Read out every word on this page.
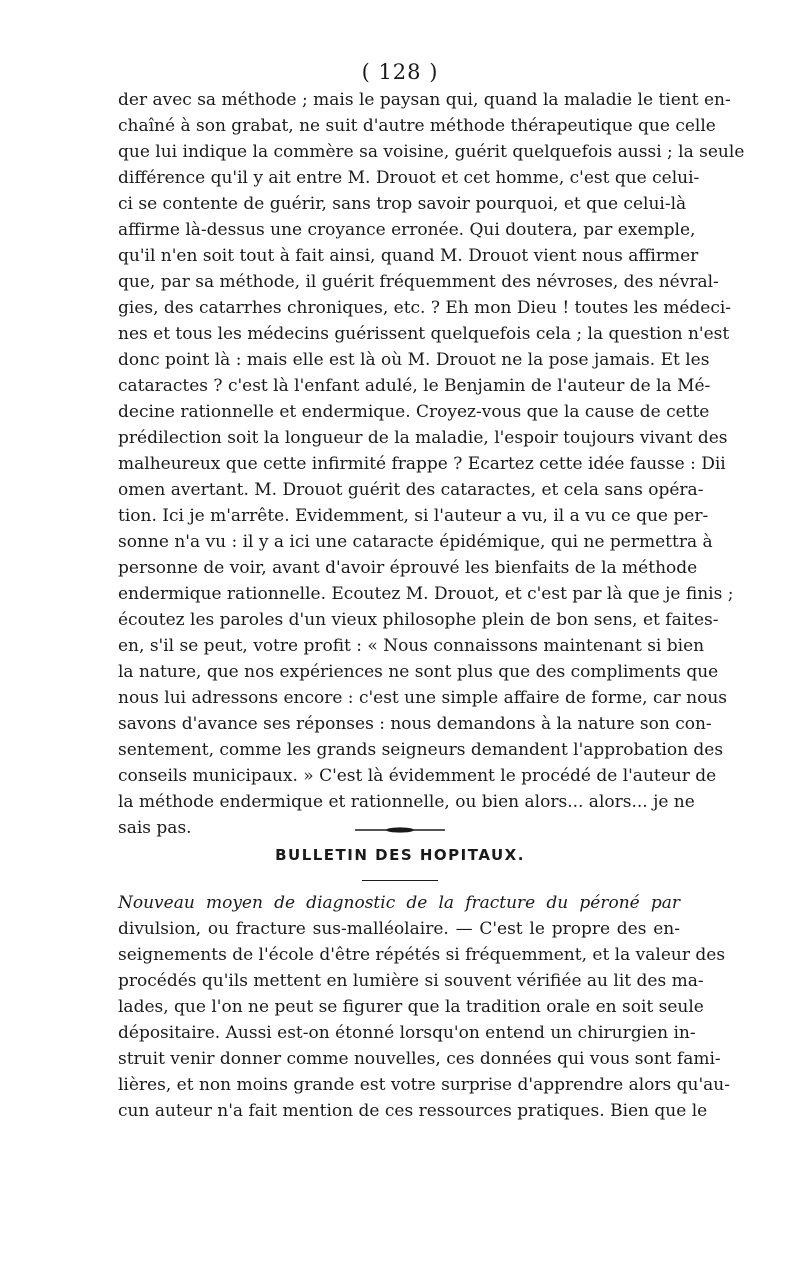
( 128 )
der avec sa méthode ; mais le paysan qui, quand la maladie le tient en-
chaîné à son grabat, ne suit d'autre méthode thérapeutique que celle
que lui indique la commère sa voisine, guérit quelquefois aussi ; la seule
différence qu'il y ait entre M. Drouot et cet homme, c'est que celui-
ci se contente de guérir, sans trop savoir pourquoi, et que celui-là
affirme là-dessus une croyance erronée. Qui doutera, par exemple,
qu'il n'en soit tout à fait ainsi, quand M. Drouot vient nous affirmer
que, par sa méthode, il guérit fréquemment des névroses, des névral-
gies, des catarrhes chroniques, etc. ? Eh mon Dieu ! toutes les médeci-
nes et tous les médecins guérissent quelquefois cela ; la question n'est
donc point là : mais elle est là où M. Drouot ne la pose jamais. Et les
cataractes ? c'est là l'enfant adulé, le Benjamin de l'auteur de la Mé-
decine rationnelle et endermique. Croyez-vous que la cause de cette
prédilection soit la longueur de la maladie, l'espoir toujours vivant des
malheureux que cette infirmité frappe ? Ecartez cette idée fausse : Dii
omen avertant. M. Drouot guérit des cataractes, et cela sans opéra-
tion. Ici je m'arrête. Evidemment, si l'auteur a vu, il a vu ce que per-
sonne n'a vu : il y a ici une cataracte épidémique, qui ne permettra à
personne de voir, avant d'avoir éprouvé les bienfaits de la méthode
endermique rationnelle. Ecoutez M. Drouot, et c'est par là que je finis ;
écoutez les paroles d'un vieux philosophe plein de bon sens, et faites-
en, s'il se peut, votre profit : « Nous connaissons maintenant si bien
la nature, que nos expériences ne sont plus que des compliments que
nous lui adressons encore : c'est une simple affaire de forme, car nous
savons d'avance ses réponses : nous demandons à la nature son con-
sentement, comme les grands seigneurs demandent l'approbation des
conseils municipaux. » C'est là évidemment le procédé de l'auteur de
la méthode endermique et rationnelle, ou bien alors... alors... je ne
sais pas.
BULLETIN DES HOPITAUX.
Nouveau moyen de diagnostic de la fracture du péroné par
divulsion, ou fracture sus-malléolaire. — C'est le propre des en-
seignements de l'école d'être répétés si fréquemment, et la valeur des
procédés qu'ils mettent en lumière si souvent vérifiée au lit des ma-
lades, que l'on ne peut se figurer que la tradition orale en soit seule
dépositaire. Aussi est-on étonné lorsqu'on entend un chirurgien in-
struit venir donner comme nouvelles, ces données qui vous sont fami-
lières, et non moins grande est votre surprise d'apprendre alors qu'au-
cun auteur n'a fait mention de ces ressources pratiques. Bien que le
